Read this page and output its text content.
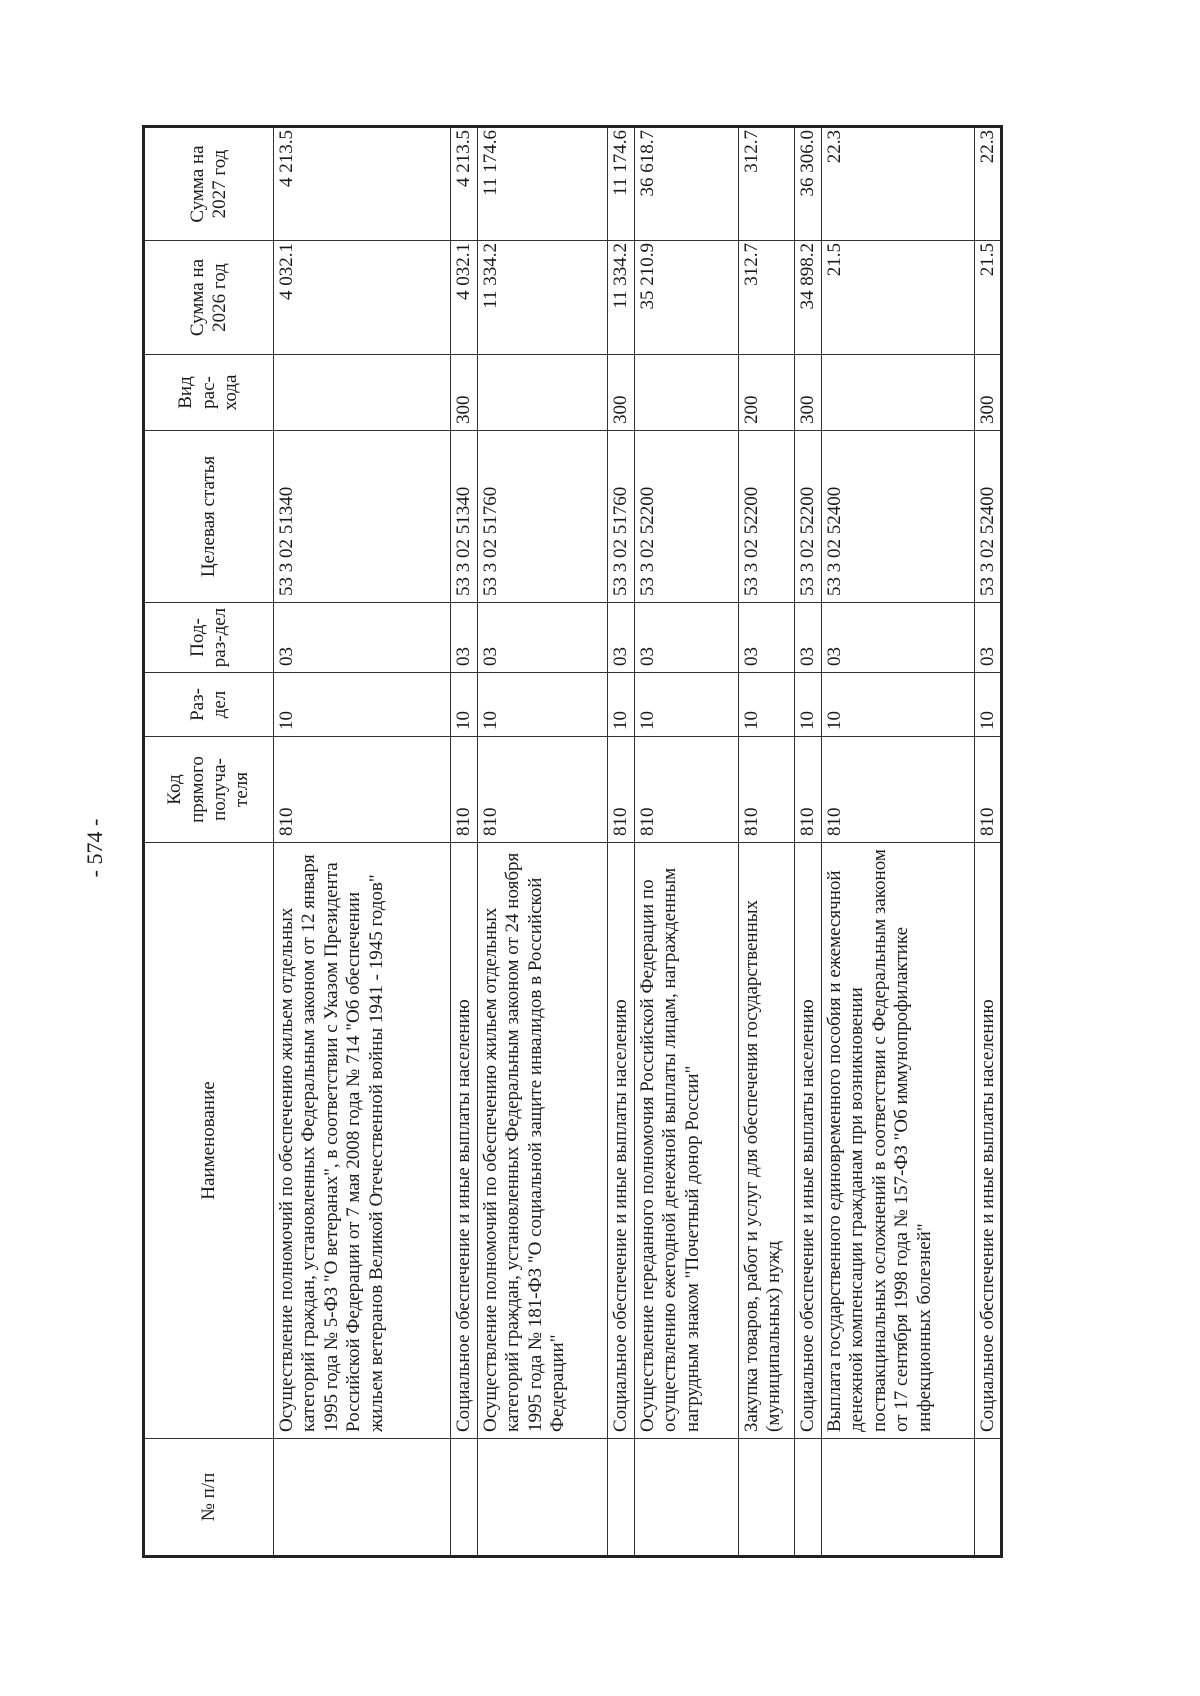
- 574 -
№ п/п	Наименование	Код прямого получа-теля	Раз-дел	Под-раз-дел	Целевая статья	Вид рас-хода	Сумма на 2026 год	Сумма на 2027 год
	Осуществление полномочий по обеспечению жильем отдельных категорий граждан, установленных Федеральным законом от 12 января 1995 года № 5-ФЗ "О ветеранах", в соответствии с Указом Президента Российской Федерации от 7 мая 2008 года № 714 "Об обеспечении жильем ветеранов Великой Отечественной войны 1941 - 1945 годов"	810	10	03	53 3 02 51340		4 032.1	4 213.5
	Социальное обеспечение и иные выплаты населению	810	10	03	53 3 02 51340	300	4 032.1	4 213.5
	Осуществление полномочий по обеспечению жильем отдельных категорий граждан, установленных Федеральным законом от 24 ноября 1995 года № 181-ФЗ "О социальной защите инвалидов в Российской Федерации"	810	10	03	53 3 02 51760		11 334.2	11 174.6
	Социальное обеспечение и иные выплаты населению	810	10	03	53 3 02 51760	300	11 334.2	11 174.6
	Осуществление переданного полномочия Российской Федерации по осуществлению ежегодной денежной выплаты лицам, награжденным нагрудным знаком "Почетный донор России"	810	10	03	53 3 02 52200		35 210.9	36 618.7
	Закупка товаров, работ и услуг для обеспечения государственных (муниципальных) нужд	810	10	03	53 3 02 52200	200	312.7	312.7
	Социальное обеспечение и иные выплаты населению	810	10	03	53 3 02 52200	300	34 898.2	36 306.0
	Выплата государственного единовременного пособия и ежемесячной денежной компенсации гражданам при возникновении поствакцинальных осложнений в соответствии с Федеральным законом от 17 сентября 1998 года № 157-ФЗ "Об иммунопрофилактике инфекционных болезней"	810	10	03	53 3 02 52400		21.5	22.3
	Социальное обеспечение и иные выплаты населению	810	10	03	53 3 02 52400	300	21.5	22.3
